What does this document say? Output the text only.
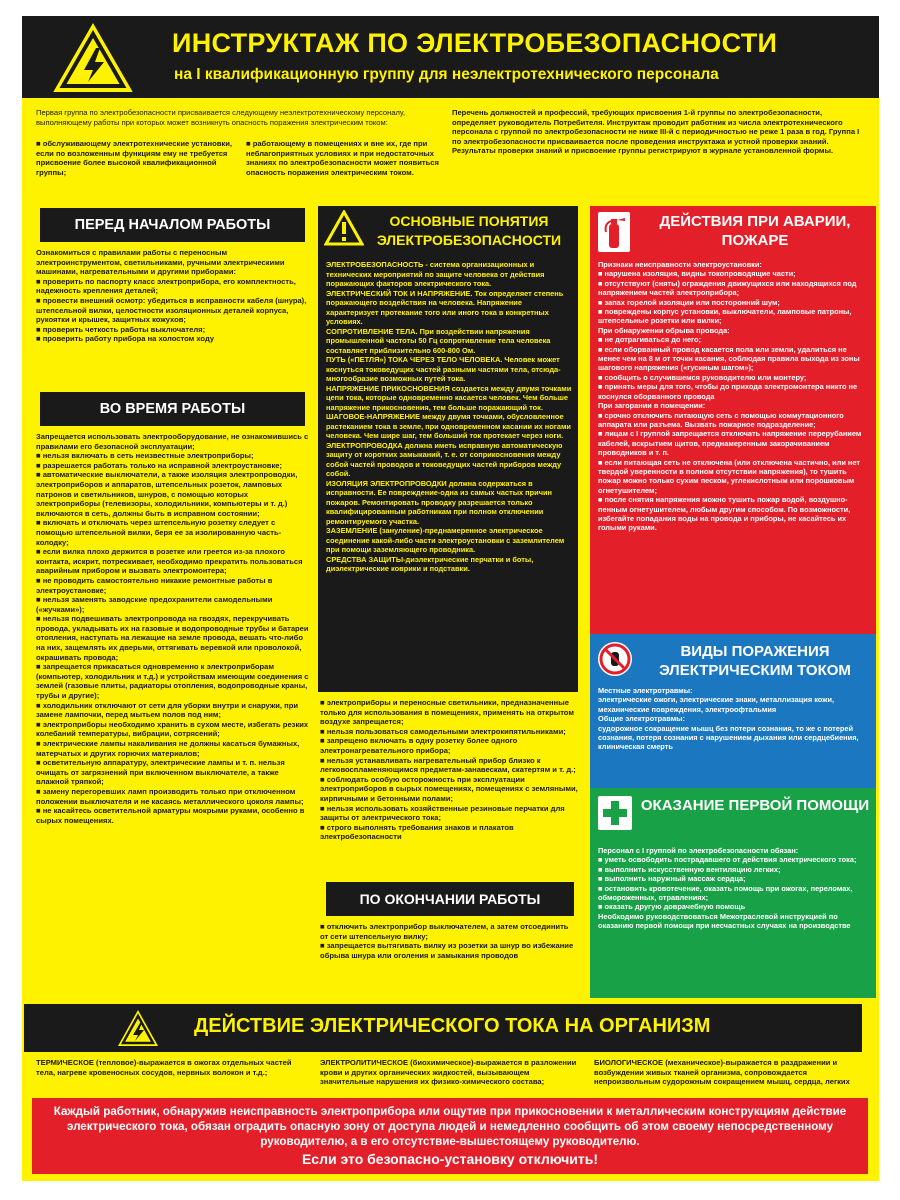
ИНСТРУКТАЖ ПО ЭЛЕКТРОБЕЗОПАСНОСТИ
на I квалификационную группу для неэлектротехнического персонала
Первая группа по электробезопасности присваивается следующему неэлектротехническому персоналу, выполняющему работы при которых может возникнуть опасность поражения электрическим током:
■ обслуживающему электротехнические установки, если по возложенным функциям ему не требуется присвоение более высокой квалификационной группы;
■ работающему в помещениях и вне их, где при неблагоприятных условиях и при недостаточных знаниях по электробезопасности может появиться опасность поражения электрическим током.
Перечень должностей и профессий, требующих присвоения 1-й группы по электробезопасности, определяет руководитель Потребителя. Инструктаж проводит работник из числа электротехнического персонала с группой по электробезопасности не ниже III-й с периодичностью не реже 1 раза в год. Группа I по электробезопасности присваивается после проведения инструктажа и устной проверки знаний. Результаты проверки знаний и присвоение группы регистрируют в журнале установленной формы.
ПЕРЕД НАЧАЛОМ РАБОТЫ
Ознакомиться с правилами работы с переносным электроинструментом, светильниками, ручными электрическими машинами, нагревательными и другими приборами:
■ проверить по паспорту класс электроприбора, его комплектность, надежность крепления деталей;
■ провести внешний осмотр: убедиться в исправности кабеля (шнура), штепсельной вилки, целостности изоляционных деталей корпуса, рукоятки и крышек, защитных кожухов;
■ проверить четкость работы выключателя;
■ проверить работу прибора на холостом ходу
ВО ВРЕМЯ РАБОТЫ
Запрещается использовать электрооборудование, не ознакомившись с правилами его безопасной эксплуатации;
■ нельзя включать в сеть неизвестные электроприборы;
■ разрешается работать только на исправной электроустановке;
■ автоматические выключатели, а также изоляция электропроводки, электроприборов и аппаратов, штепсельных розеток, ламповых патронов и светильников, шнуров, с помощью которых электроприборы (телевизоры, холодильники, компьютеры и т. д.) включаются в сеть, должны быть в исправном состоянии;
■ включать и отключать через штепсельную розетку следует с помощью штепсельной вилки, беря ее за изолированную часть-колодку;
■ если вилка плохо держится в розетке или греется из-за плохого контакта, искрит, потрескивает, необходимо прекратить пользоваться аварийным прибором и вызвать электромонтера;
■ не проводить самостоятельно никакие ремонтные работы в электроустановке;
■ нельзя заменять заводские предохранители самодельными («жучками»);
■ нельзя подвешивать электропровода на гвоздях, перекручивать провода, укладывать их на газовые и водопроводные трубы и батареи отопления, наступать на лежащие на земле провода, вешать что-либо на них, защемлять их дверьми, оттягивать веревкой или проволокой, окрашивать провода;
■ запрещается прикасаться одновременно к электроприборам (компьютер, холодильник и т.д.) и устройствам имеющим соединения с землей (газовые плиты, радиаторы отопления, водопроводные краны, трубы и другие);
■ холодильник отключают от сети для уборки внутри и снаружи, при замене лампочки, перед мытьем полов под ним;
■ электроприборы необходимо хранить в сухом месте, избегать резких колебаний температуры, вибрации, сотрясений;
■ электрические лампы накаливания не должны касаться бумажных, матерчатых и других горючих материалов;
■ осветительную аппаратуру, электрические лампы и т. п. нельзя очищать от загрязнений при включенном выключателе, а также влажной тряпкой;
■ замену перегоревших ламп производить только при отключенном положении выключателя и не касаясь металлического цоколя лампы;
■ не касайтесь осветительной арматуры мокрыми руками, особенно в сырых помещениях.
ОСНОВНЫЕ ПОНЯТИЯ ЭЛЕКТРОБЕЗОПАСНОСТИ
ЭЛЕКТРОБЕЗОПАСНОСТЬ - система организационных и технических мероприятий по защите человека от действия поражающих факторов электрического тока.
ЭЛЕКТРИЧЕСКИЙ ТОК И НАПРЯЖЕНИЕ. Ток определяет степень поражающего воздействия на человека. Напряжение характеризует протекание того или иного тока в конкретных условиях.
СОПРОТИВЛЕНИЕ ТЕЛА. При воздействии напряжения промышленной частоты 50 Гц сопротивление тела человека составляет приблизительно 600-800 Ом.
ПУТЬ («ПЕТЛЯ») ТОКА ЧЕРЕЗ ТЕЛО ЧЕЛОВЕКА. Человек может коснуться токоведущих частей разными частями тела, отсюда-многообразие возможных путей тока.
НАПРЯЖЕНИЕ ПРИКОСНОВЕНИЯ создается между двумя точками цепи тока, которые одновременно касается человек. Чем больше напряжение прикосновения, тем больше поражающий ток.
ШАГОВОЕ-НАПРЯЖЕНИЕ между двумя точками, обусловленное растеканием тока в земле, при одновременном касании их ногами человека. Чем шире шаг, тем больший ток протекает через ноги.
ЭЛЕКТРОПРОВОДКА должна иметь исправную автоматическую защиту от коротких замыканий, т. е. от соприкосновения между собой частей проводов и токоведущих частей приборов между собой.
ИЗОЛЯЦИЯ ЭЛЕКТРОПРОВОДКИ должна содержаться в исправности. Ее повреждение-одна из самых частых причин пожаров. Ремонтировать проводку разрешается только квалифицированным работникам при полном отключении ремонтируемого участка.
ЗАЗЕМЛЕНИЕ (зануление)-преднамеренное электрическое соединение какой-либо части электроустановки с заземлителем при помощи заземляющего проводника.
СРЕДСТВА ЗАЩИТЫ-диэлектрические перчатки и боты, диэлектрические коврики и подставки.
■ электроприборы и переносные светильники, предназначенные только для использования в помещениях, применять на открытом воздухе запрещается;
■ нельзя пользоваться самодельными электрокипятильниками;
■ запрещено включать в одну розетку более одного электронагревательного прибора;
■ нельзя устанавливать нагревательный прибор близко к легковоспламеняющимся предметам-занавескам, скатертям и т. д.;
■ соблюдать особую осторожность при эксплуатации электроприборов в сырых помещениях, помещениях с земляными, кирпичными и бетонными полами;
■ нельзя использовать хозяйственные резиновые перчатки для защиты от электрического тока;
■ строго выполнять требования знаков и плакатов электробезопасности
ПО ОКОНЧАНИИ РАБОТЫ
■ отключить электроприбор выключателем, а затем отсоединить от сети штепсельную вилку;
■ запрещается вытягивать вилку из розетки за шнур во избежание обрыва шнура или оголения и замыкания проводов
ДЕЙСТВИЯ ПРИ АВАРИИ, ПОЖАРЕ
Признаки неисправности электроустановки:
■ нарушена изоляция, видны токопроводящие части;
■ отсутствуют (сняты) ограждения движущихся или находящихся под напряжением частей электроприбора;
■ запах горелой изоляции или посторонний шум;
■ повреждены корпус установки, выключатели, ламповые патроны, штепсельные розетки или вилки;
При обнаружении обрыва провода:
■ не дотрагиваться до него;
■ если оборванный провод касается пола или земли, удалиться не менее чем на 8 м от точки касания, соблюдая правила выхода из зоны шагового напряжения («гусиным шагом»);
■ сообщить о случившемся руководителю или монтеру;
■ принять меры для того, чтобы до прихода электромонтера никто не коснулся оборванного провода
При загорании в помещении:
■ срочно отключить питающую сеть с помощью коммутационного аппарата или разъема. Вызвать пожарное подразделение;
■ лицам с I группой запрещается отключать напряжение перерубанием кабелей, вскрытием щитов, преднамеренным закорачиванием проводников и т. п.
■ если питающая сеть не отключена (или отключена частично, или нет твердой уверенности в полном отсутствии напряжения), то тушить пожар можно только сухим песком, углекислотным или порошковым огнетушителем;
■ после снятия напряжения можно тушить пожар водой, воздушно-пенным огнетушителем, любым другим способом. По возможности, избегайте попадания воды на провода и приборы, не касайтесь их голыми руками.
ВИДЫ ПОРАЖЕНИЯ ЭЛЕКТРИЧЕСКИМ ТОКОМ
Местные электротравмы:
электрические ожоги, электрические знаки, металлизация кожи, механические повреждения, электроофтальмия
Общие электротравмы:
судорожное сокращение мышц без потери сознания, то же с потерей сознания, потеря сознания с нарушением дыхания или сердцебиения, клиническая смерть
ОКАЗАНИЕ ПЕРВОЙ ПОМОЩИ
Персонал с I группой по электробезопасности обязан:
■ уметь освободить пострадавшего от действия электрического тока;
■ выполнить искусственную вентиляцию легких;
■ выполнить наружный массаж сердца;
■ остановить кровотечение, оказать помощь при ожогах, переломах, обмороженных, отравлениях;
■ оказать другую доврачебную помощь
Необходимо руководствоваться Межотраслевой инструкцией по оказанию первой помощи при несчастных случаях на производстве
ДЕЙСТВИЕ ЭЛЕКТРИЧЕСКОГО ТОКА НА ОРГАНИЗМ
ТЕРМИЧЕСКОЕ (тепловое)-выражается в ожогах отдельных частей тела, нагреве кровеносных сосудов, нервных волокон и т.д.;
ЭЛЕКТРОЛИТИЧЕСКОЕ (биохимическое)-выражается в разложении крови и других органических жидкостей, вызывающем значительные нарушения их физико-химического состава;
БИОЛОГИЧЕСКОЕ (механическое)-выражается в раздражении и возбуждении живых тканей организма, сопровождается непроизвольным судорожным сокращением мышц, сердца, легких

Каждый работник, обнаружив неисправность электроприбора или ощутив при прикосновении к металлическим конструкциям действие электрического тока, обязан оградить опасную зону от доступа людей и немедленно сообщить об этом своему непосредственному руководителю, а в его отсутствие-вышестоящему руководителю.

Если это безопасно-установку отключить!
